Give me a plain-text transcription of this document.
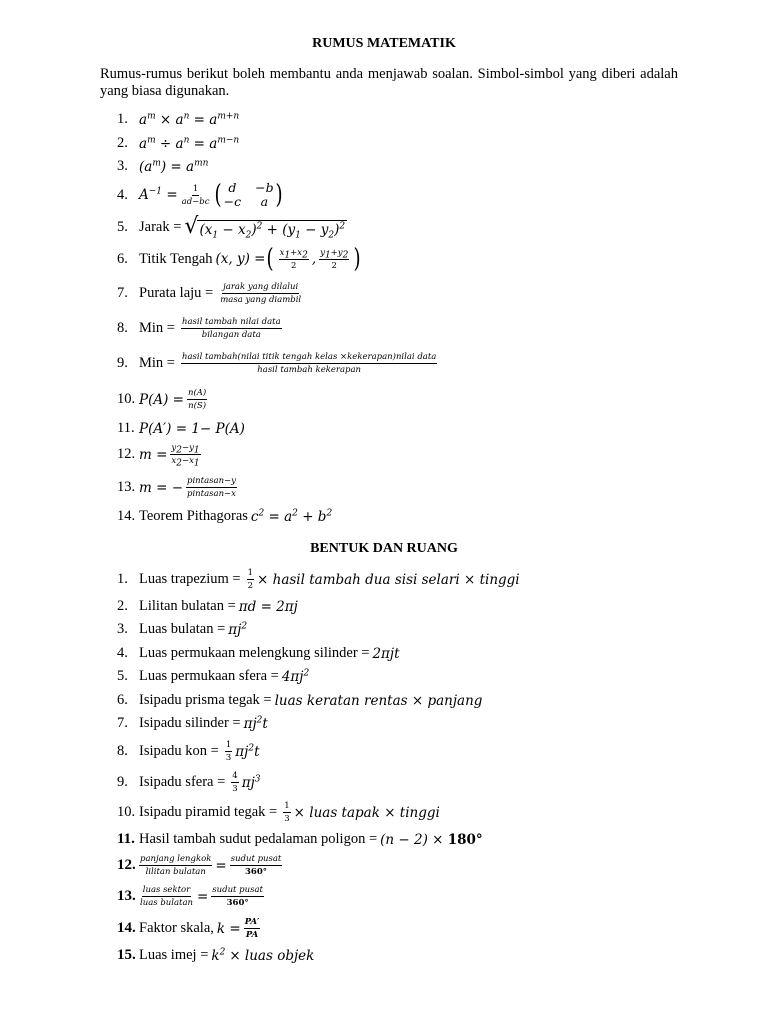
RUMUS MATEMATIK
Rumus-rumus berikut boleh membantu anda menjawab soalan. Simbol-simbol yang diberi adalah yang biasa digunakan.
1. $a^m \times a^n = a^{m+n}$
2. $a^m \div a^n = a^{m-n}$
3. $(a^m) = a^{mn}$
4. $A^{-1} = \frac{1}{ad-bc}$ ( d	−b
−c	a )
5. Jarak = √ $(x_1 - x_2)^2 + (y_1 - y_2)^2$
6. Titik Tengah (x, y) = ( $\frac{x_1+x_2}{2}$ , $\frac{y_1+y_2}{2}$ )
7. Purata laju = $\frac{\text{jarak yang dilalui}}{\text{masa yang diambil}}$
8. Min = $\frac{\text{hasil tambah nilai data}}{\text{bilangan data}}$
9. Min = $\frac{\text{hasil tambah(nilai titik tengah kelas ×kekerapan)nilai data}}{\text{hasil tambah kekerapan}}$
10. $P(A) = \frac{n(A)}{n(S)}$
11. P(A′) = 1− P(A)
12. $m = \frac{y_2-y_1}{x_2-x_1}$
13. m = − $\frac{\text{pintasan−y}}{\text{pintasan−x}}$
14. Teorem Pithagoras $c^2 = a^2 + b^2$
BENTUK DAN RUANG
1. Luas trapezium = $\frac{1}{2}$ × hasil tambah dua sisi selari × tinggi
2. Lilitan bulatan = πd = 2πj
3. Luas bulatan = $\pi j^2$
4. Luas permukaan melengkung silinder = 2πjt
5. Luas permukaan sfera = $4\pi j^2$
6. Isipadu prisma tegak = luas keratan rentas × panjang
7. Isipadu silinder = $\pi j^2t$
8. Isipadu kon = $\frac{1}{3} \pi j^2t$
9. Isipadu sfera = $\frac{4}{3} \pi j^3$
10. Isipadu piramid tegak = $\frac{1}{3}$ × luas tapak × tinggi
11. Hasil tambah sudut pedalaman poligon = (n − 2) × 180°
12. $\frac{\text{panjang lengkok}}{\text{lilitan bulatan}} = \frac{\text{sudut pusat}}{360^\circ}$
13. $\frac{\text{luas sektor}}{\text{luas bulatan}} = \frac{\text{sudut pusat}}{360^\circ}$
14. Faktor skala, $k = \frac{PA'}{PA}$
15. Luas imej = $k^2$ × luas objek
